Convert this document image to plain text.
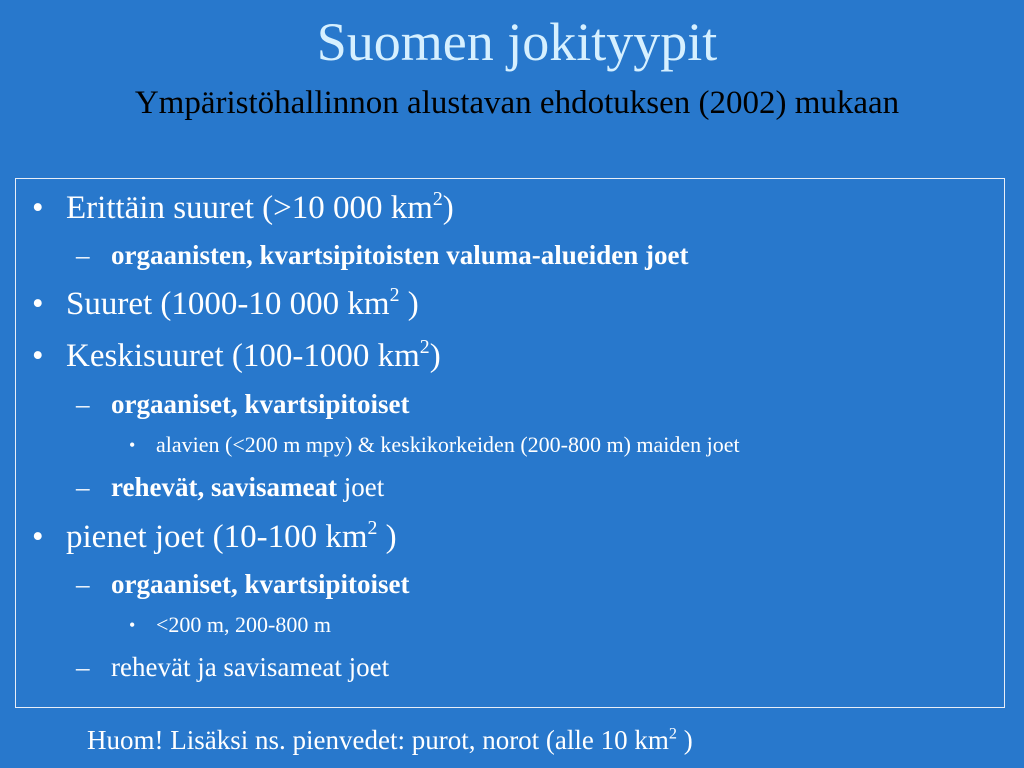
Suomen jokityypit
Ympäristöhallinnon alustavan ehdotuksen (2002) mukaan
• Erittäin suuret (>10 000 $km^2$)
– orgaanisten, kvartsipitoisten valuma-alueiden joet
• Suuret (1000-10 000 $km^2$ )
• Keskisuuret (100-1000 $km^2$)
– orgaaniset, kvartsipitoiset
• alavien (<200 m mpy) & keskikorkeiden (200-800 m) maiden joet
– rehevät, savisameat joet
• pienet joet (10-100 $km^2$ )
– orgaaniset, kvartsipitoiset
• <200 m, 200-800 m
– rehevät ja savisameat joet
Huom! Lisäksi ns. pienvedet: purot, norot (alle 10 $km^2$ )
